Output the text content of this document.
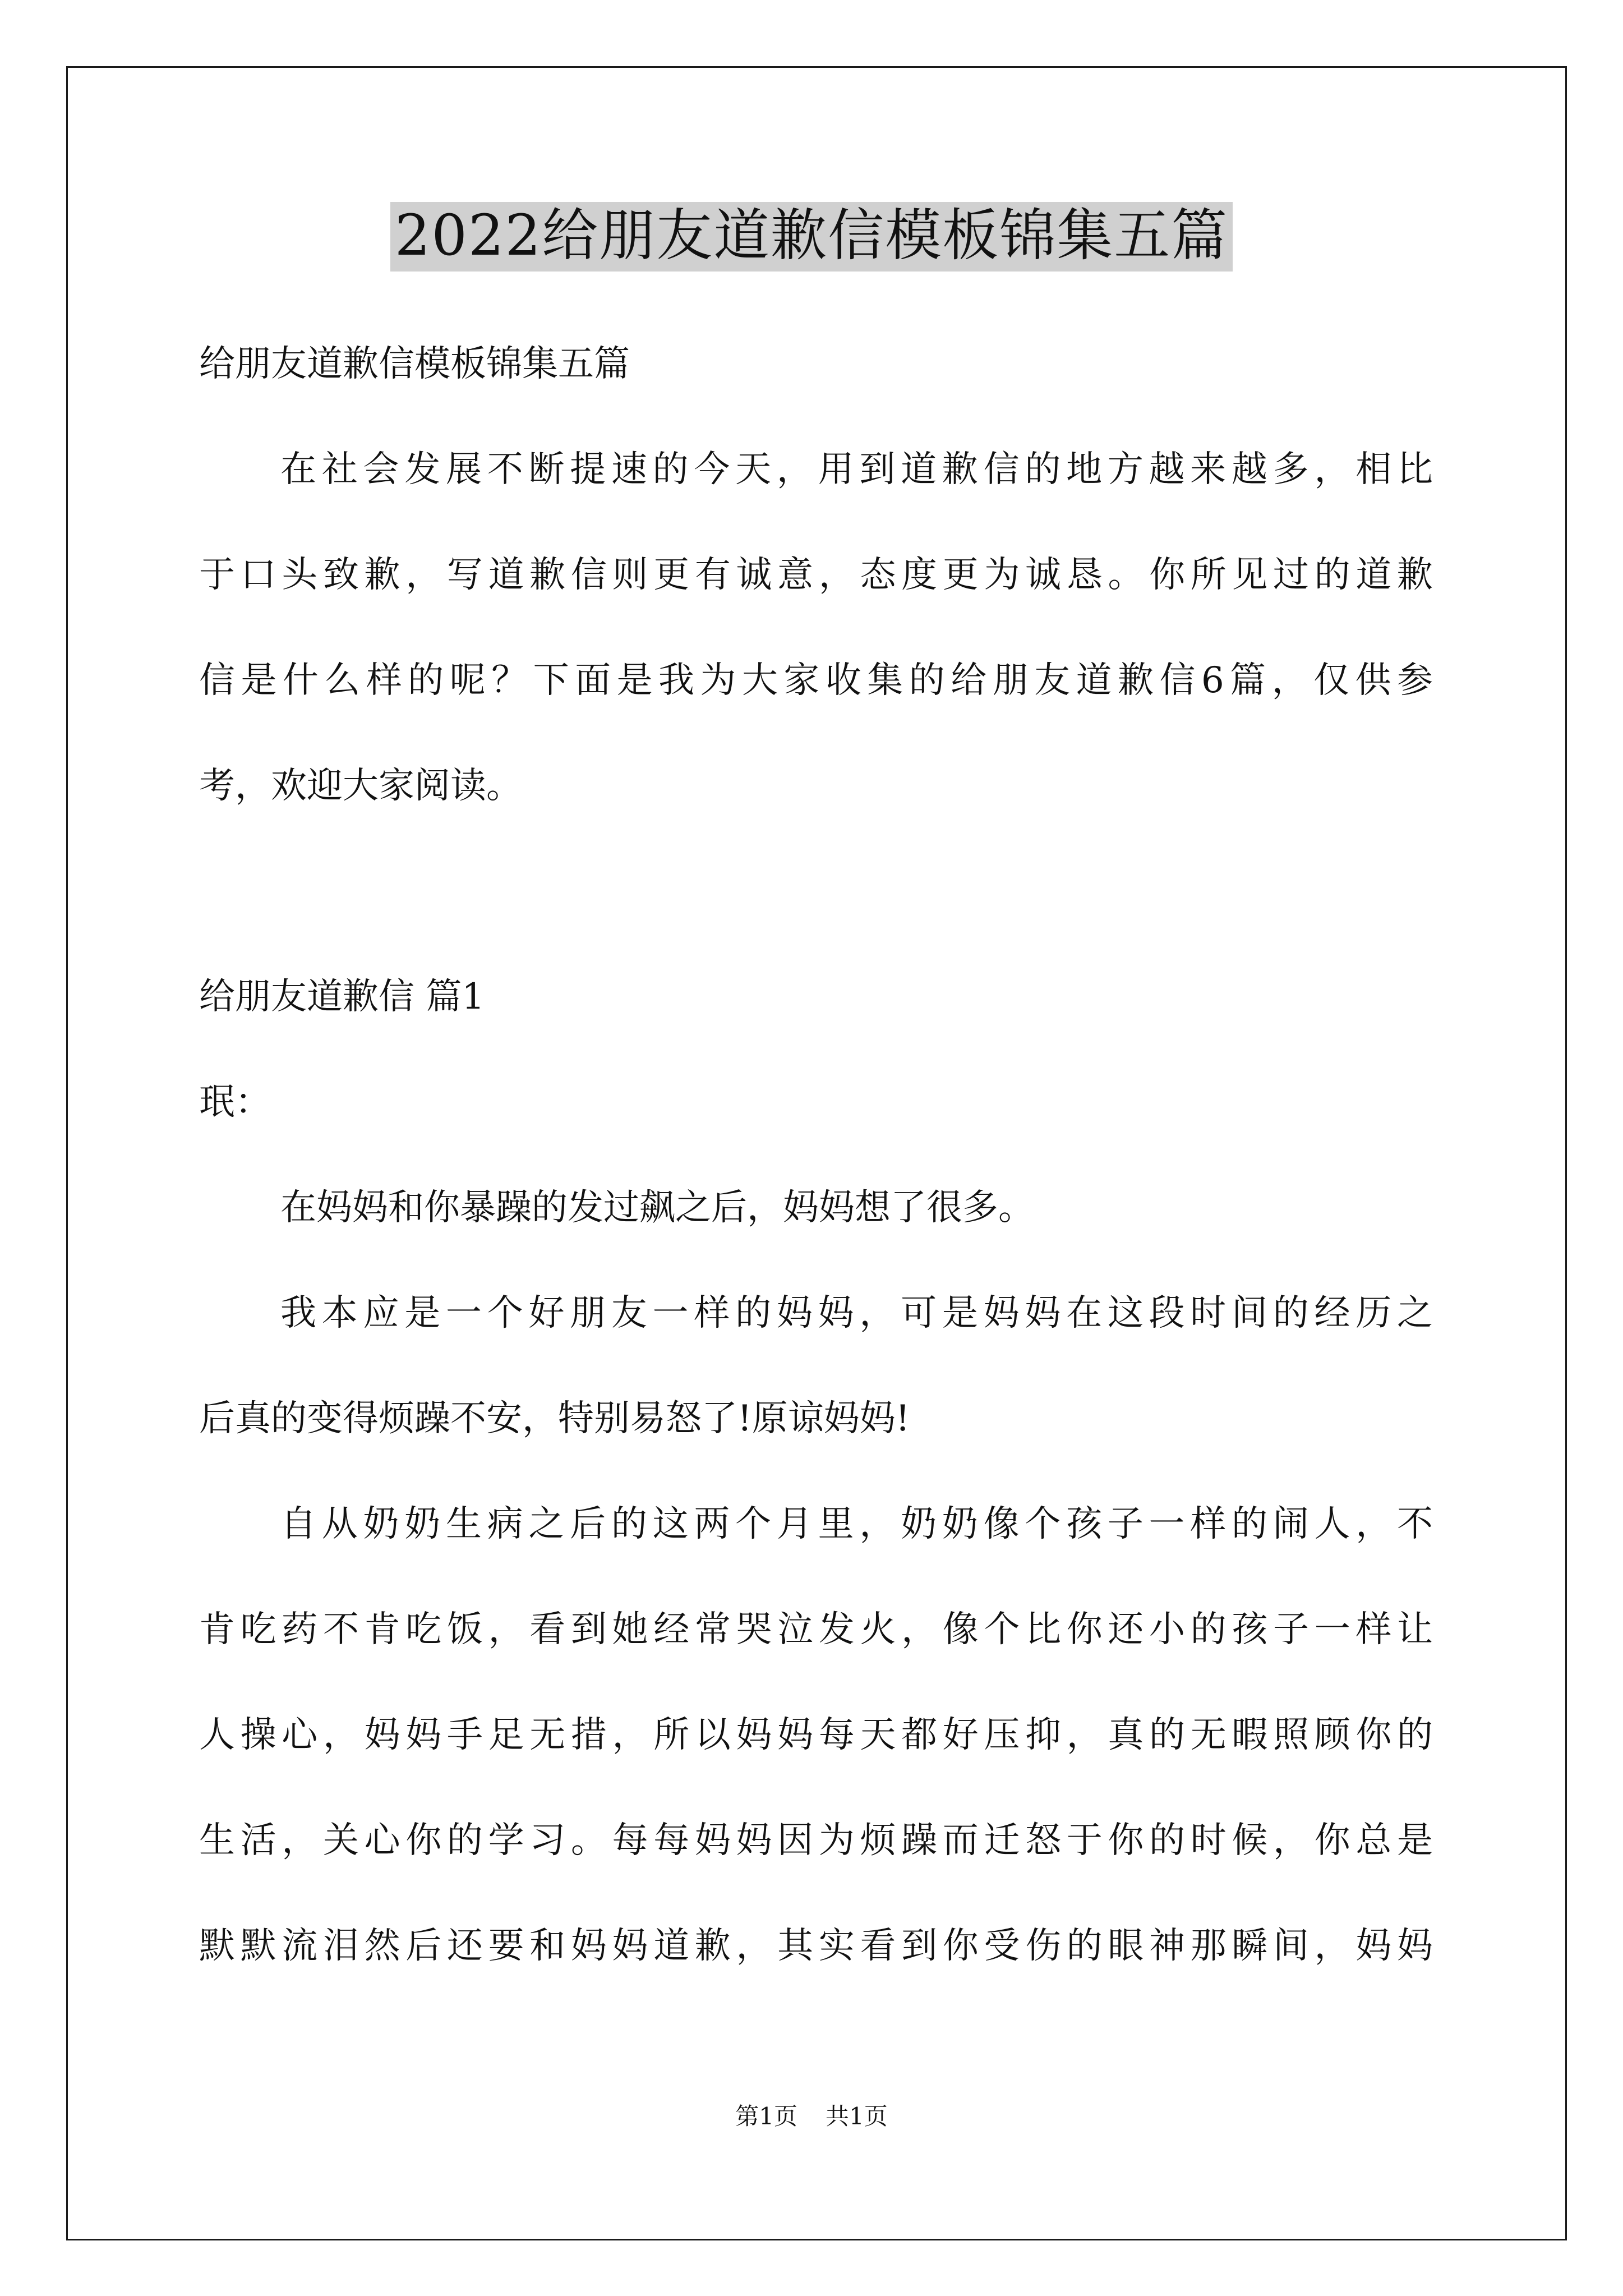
2022给朋友道歉信模板锦集五篇
给朋友道歉信模板锦集五篇
在社会发展不断提速的今天，用到道歉信的地方越来越多，相比
于口头致歉，写道歉信则更有诚意，态度更为诚恳。你所见过的道歉
信是什么样的呢？下面是我为大家收集的给朋友道歉信6篇，仅供参
考，欢迎大家阅读。
给朋友道歉信 篇1
珉：
在妈妈和你暴躁的发过飙之后，妈妈想了很多。
我本应是一个好朋友一样的妈妈，可是妈妈在这段时间的经历之
后真的变得烦躁不安，特别易怒了!原谅妈妈!
自从奶奶生病之后的这两个月里，奶奶像个孩子一样的闹人，不
肯吃药不肯吃饭，看到她经常哭泣发火，像个比你还小的孩子一样让
人操心，妈妈手足无措，所以妈妈每天都好压抑，真的无暇照顾你的
生活，关心你的学习。每每妈妈因为烦躁而迁怒于你的时候，你总是
默默流泪然后还要和妈妈道歉，其实看到你受伤的眼神那瞬间，妈妈
第1页 共1页
